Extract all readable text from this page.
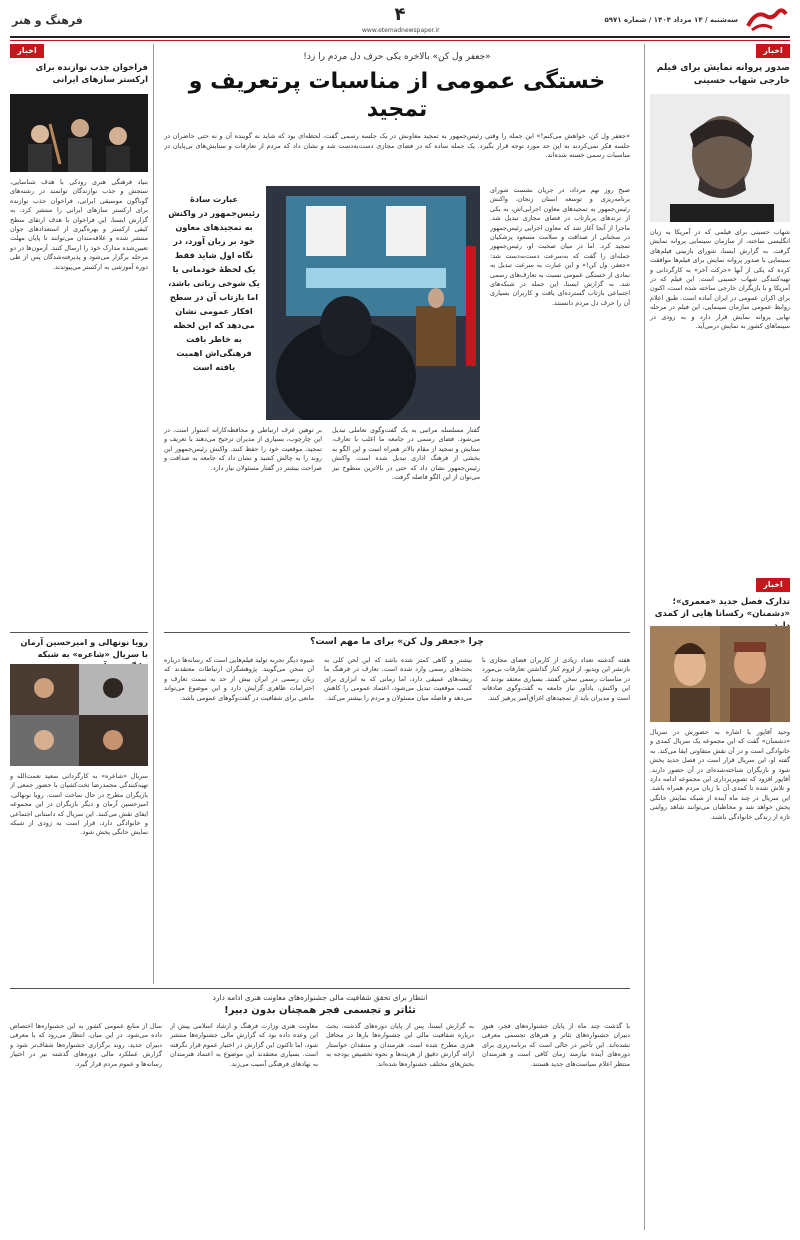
سه‌شنبه / ۱۴ مرداد ۱۴۰۴ / شماره ۵۹۷۱
۴
www.etemadnewspaper.ir
فرهنگ و هنر
اخبار
صدور پروانه نمایش برای فیلم
خارجی شهاب حسینی
شهاب حسینی برای فیلمی که در آمریکا به زبان انگلیسی ساخته، از سازمان سینمایی پروانه نمایش گرفت. به گزارش ایسنا، شورای بازبینی فیلم‌های سینمایی با صدور پروانه نمایش برای فیلم‌ها موافقت کرده که یکی از آنها «حرکت آخر» به کارگردانی و تهیه‌کنندگی شهاب حسینی است. این فیلم که در آمریکا و با بازیگران خارجی ساخته شده است، اکنون برای اکران عمومی در ایران آماده است. طبق اعلام روابط عمومی سازمان سینمایی، این فیلم در مرحله نهایی پروانه نمایش قرار دارد و به زودی در سینماهای کشور به نمایش درمی‌آید.
اخبار
تدارک فصل جدید «معمری»؛
«دشمنان» رکسانا هایی از کمدی
وحید آقاپور با اشاره به حضورش در سریال «دشمنان» گفت که این مجموعه یک سریال کمدی و خانوادگی است و در آن نقش متفاوتی ایفا می‌کند. به گفته او، این سریال قرار است در فصل جدید پخش شود و بازیگران شناخته‌شده‌ای در آن حضور دارند. آقاپور افزود که تصویربرداری این مجموعه ادامه دارد و تلاش شده تا کمدی آن با زبان مردم همراه باشد. این سریال در چند ماه آینده از شبکه نمایش خانگی پخش خواهد شد و مخاطبان می‌توانند شاهد روایتی تازه از زندگی خانوادگی باشند.
«جعفر ول کن» بالاخره یکی حرف دل مردم را زد!
خستگی عمومی از مناسبات پرتعریف و تمجید
«جعفر ول کن، خواهش می‌کنم!» این جمله را وقتی رئیس‌جمهور به تمجید معاونش در یک جلسه رسمی گفت، لحظه‌ای بود که شاید نه گوینده آن و نه حتی حاضران در جلسه فکر نمی‌کردند به این حد مورد توجه قرار بگیرد. یک جمله ساده که در فضای مجازی دست‌به‌دست شد و نشان داد که مردم از تعارفات و ستایش‌های بی‌پایان در مناسبات رسمی خسته شده‌اند.
صبح روز نهم مرداد، در جریان نشست شورای برنامه‌ریزی و توسعه استان زنجان، واکنش رئیس‌جمهور به تمجیدهای معاون اجرایی‌اش، به یکی از ترندهای پربازتاب در فضای مجازی تبدیل شد. ماجرا از آنجا آغاز شد که معاون اجرایی رئیس‌جمهور در سخنانی از صداقت و سلامت مسعود پزشکیان تمجید کرد. اما در میان صحبت او، رئیس‌جمهور جمله‌ای را گفت که به‌سرعت دست‌به‌دست شد: «جعفر، ول کن!» و این عبارت به سرعت تبدیل به نمادی از خستگی عمومی نسبت به تعارف‌های رسمی شد. به گزارش ایسنا، این جمله در شبکه‌های اجتماعی بازتاب گسترده‌ای یافت و کاربران بسیاری آن را حرف دل مردم دانستند.
عبارت سادۀ رئیس‌جمهور در واکنش به تمجیدهای معاون خود بر زبان آورد، در نگاه اول شاید فقط یک لحظۀ خودمانی یا یک شوخی زبانی باشد، اما بازتاب آن در سطح افکار عمومی نشان می‌دهد که این لحظه به خاطر بافت فرهنگی‌اش اهمیت یافته است
گفتار مسلسله‌ مراتبی به یک گفت‌وگوی تعاملی تبدیل می‌شود. فضای رسمی در جامعه ما اغلب با تعارف، ستایش و تمجید از مقام بالاتر همراه است و این الگو به بخشی از فرهنگ اداری تبدیل شده است. واکنش رئیس‌جمهور نشان داد که حتی در بالاترین سطوح نیز می‌توان از این الگو فاصله گرفت.
بر توهین عرف ارتباطی و محافظه‌کارانه استوار است. در این چارچوب، بسیاری از مدیران ترجیح می‌دهند با تعریف و تمجید، موقعیت خود را حفظ کنند. واکنش رئیس‌جمهور این روند را به چالش کشید و نشان داد که جامعه به صداقت و صراحت بیشتر در گفتار مسئولان نیاز دارد.
چرا «جعفر ول کن» برای ما مهم است؟
هفته گذشته تعداد زیادی از کاربران فضای مجازی با بازنشر این ویدیو، از لزوم کنار گذاشتن تعارفات بی‌مورد در مناسبات رسمی سخن گفتند. بسیاری معتقد بودند که این واکنش، یادآور نیاز جامعه به گفت‌وگوی صادقانه است و مدیران باید از تمجیدهای اغراق‌آمیز پرهیز کنند.
بیشتر و گاهی کمتر شده باشد که این لحن کلی به بحث‌های رسمی وارد شده است. تعارف در فرهنگ ما ریشه‌های عمیقی دارد، اما زمانی که به ابزاری برای کسب موقعیت تبدیل می‌شود، اعتماد عمومی را کاهش می‌دهد و فاصله میان مسئولان و مردم را بیشتر می‌کند.
شیوه دیگر تجربه تولید فیلم‌هایی است که رسانه‌ها درباره آن سخن می‌گویند. پژوهشگران ارتباطات معتقدند که زبان رسمی در ایران بیش از حد به سمت تعارف و احترامات ظاهری گرایش دارد و این موضوع می‌تواند مانعی برای شفافیت در گفت‌وگوهای عمومی باشد.
اخبار
فراخوان جذب نوازنده برای
ارکستر سازهای ایرانی
بنیاد فرهنگی هنری رودکی با هدف شناسایی، سنجش و جذب نوازندگان توانمند در رشته‌های گوناگون موسیقی ایرانی، فراخوان جذب نوازنده برای ارکستر سازهای ایرانی را منتشر کرد. به گزارش ایسنا، این فراخوان با هدف ارتقای سطح کیفی ارکستر و بهره‌گیری از استعدادهای جوان منتشر شده و علاقه‌مندان می‌توانند تا پایان مهلت تعیین‌شده مدارک خود را ارسال کنند. آزمون‌ها در دو مرحله برگزار می‌شود و پذیرفته‌شدگان پس از طی دوره آموزشی به ارکستر می‌پیوندند.
رویا نونهالی و امیرحسین آرمان
با سریال «شاعره» به شبکه
سریال «شاعره» به کارگردانی سعید نعمت‌الله و تهیه‌کنندگی محمدرضا تخت‌کشیان با حضور جمعی از بازیگران مطرح در حال ساخت است. رویا نونهالی، امیرحسین آرمان و دیگر بازیگران در این مجموعه ایفای نقش می‌کنند. این سریال که داستانی اجتماعی و خانوادگی دارد، قرار است به زودی از شبکه نمایش خانگی پخش شود.
انتظار برای تحقق شفافیت مالی جشنواره‌های معاونت هنری ادامه دارد
تئاتر و تجسمی فجر همچنان بدون دبیر!
با گذشت چند ماه از پایان جشنواره‌های فجر، هنوز دبیران جشنواره‌های تئاتر و هنرهای تجسمی معرفی نشده‌اند. این تأخیر در حالی است که برنامه‌ریزی برای دوره‌های آینده نیازمند زمان کافی است و هنرمندان منتظر اعلام سیاست‌های جدید هستند.
به گزارش ایسنا، پس از پایان دوره‌های گذشته، بحث درباره شفافیت مالی این جشنواره‌ها بارها در محافل هنری مطرح شده است. هنرمندان و منتقدان خواستار ارائه گزارش دقیق از هزینه‌ها و نحوه تخصیص بودجه به بخش‌های مختلف جشنواره‌ها شده‌اند.
معاونت هنری وزارت فرهنگ و ارشاد اسلامی پیش از این وعده داده بود که گزارش مالی جشنواره‌ها منتشر شود، اما تاکنون این گزارش در اختیار عموم قرار نگرفته است. بسیاری معتقدند این موضوع به اعتماد هنرمندان به نهادهای فرهنگی آسیب می‌زند.
سال از منابع عمومی کشور به این جشنواره‌ها اختصاص داده می‌شود. در این میان، انتظار می‌رود که با معرفی دبیران جدید، روند برگزاری جشنواره‌ها شفاف‌تر شود و گزارش عملکرد مالی دوره‌های گذشته نیز در اختیار رسانه‌ها و عموم مردم قرار گیرد.
